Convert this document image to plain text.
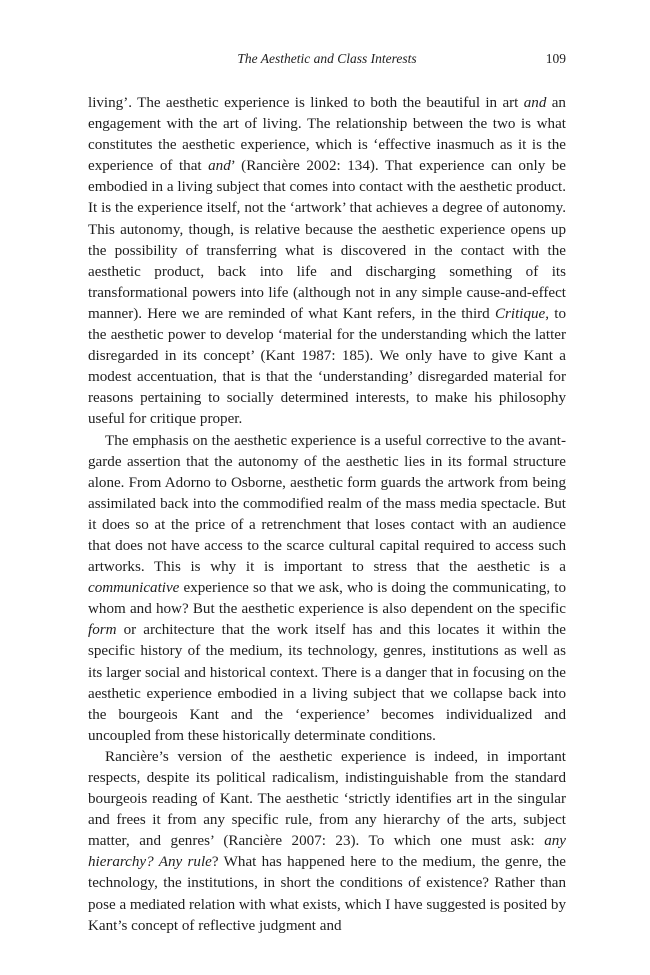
The Aesthetic and Class Interests	109

living’. The aesthetic experience is linked to both the beautiful in art and an engagement with the art of living. The relationship between the two is what constitutes the aesthetic experience, which is ‘effective inasmuch as it is the experience of that and’ (Rancière 2002: 134). That experience can only be embodied in a living subject that comes into contact with the aesthetic product. It is the experience itself, not the ‘artwork’ that achieves a degree of autonomy. This autonomy, though, is relative because the aesthetic experience opens up the possibility of transferring what is discovered in the contact with the aesthetic product, back into life and discharging something of its transformational powers into life (although not in any simple cause-and-effect manner). Here we are reminded of what Kant refers, in the third Critique, to the aesthetic power to develop ‘material for the understanding which the latter disregarded in its concept’ (Kant 1987: 185). We only have to give Kant a modest accentuation, that is that the ‘understanding’ disregarded material for reasons pertaining to socially determined interests, to make his philosophy useful for critique proper.

The emphasis on the aesthetic experience is a useful corrective to the avant-garde assertion that the autonomy of the aesthetic lies in its formal structure alone. From Adorno to Osborne, aesthetic form guards the artwork from being assimilated back into the commodified realm of the mass media spectacle. But it does so at the price of a retrenchment that loses contact with an audience that does not have access to the scarce cultural capital required to access such artworks. This is why it is important to stress that the aesthetic is a communicative experience so that we ask, who is doing the communicating, to whom and how? But the aesthetic experience is also dependent on the specific form or architecture that the work itself has and this locates it within the specific history of the medium, its technology, genres, institutions as well as its larger social and historical context. There is a danger that in focusing on the aesthetic experience embodied in a living subject that we collapse back into the bourgeois Kant and the ‘experience’ becomes individualized and uncoupled from these historically determinate conditions.

Rancière’s version of the aesthetic experience is indeed, in important respects, despite its political radicalism, indistinguishable from the standard bourgeois reading of Kant. The aesthetic ‘strictly identifies art in the singular and frees it from any specific rule, from any hierarchy of the arts, subject matter, and genres’ (Rancière 2007: 23). To which one must ask: any hierarchy? Any rule? What has happened here to the medium, the genre, the technology, the institutions, in short the conditions of existence? Rather than pose a mediated relation with what exists, which I have suggested is posited by Kant’s concept of reflective judgment and
